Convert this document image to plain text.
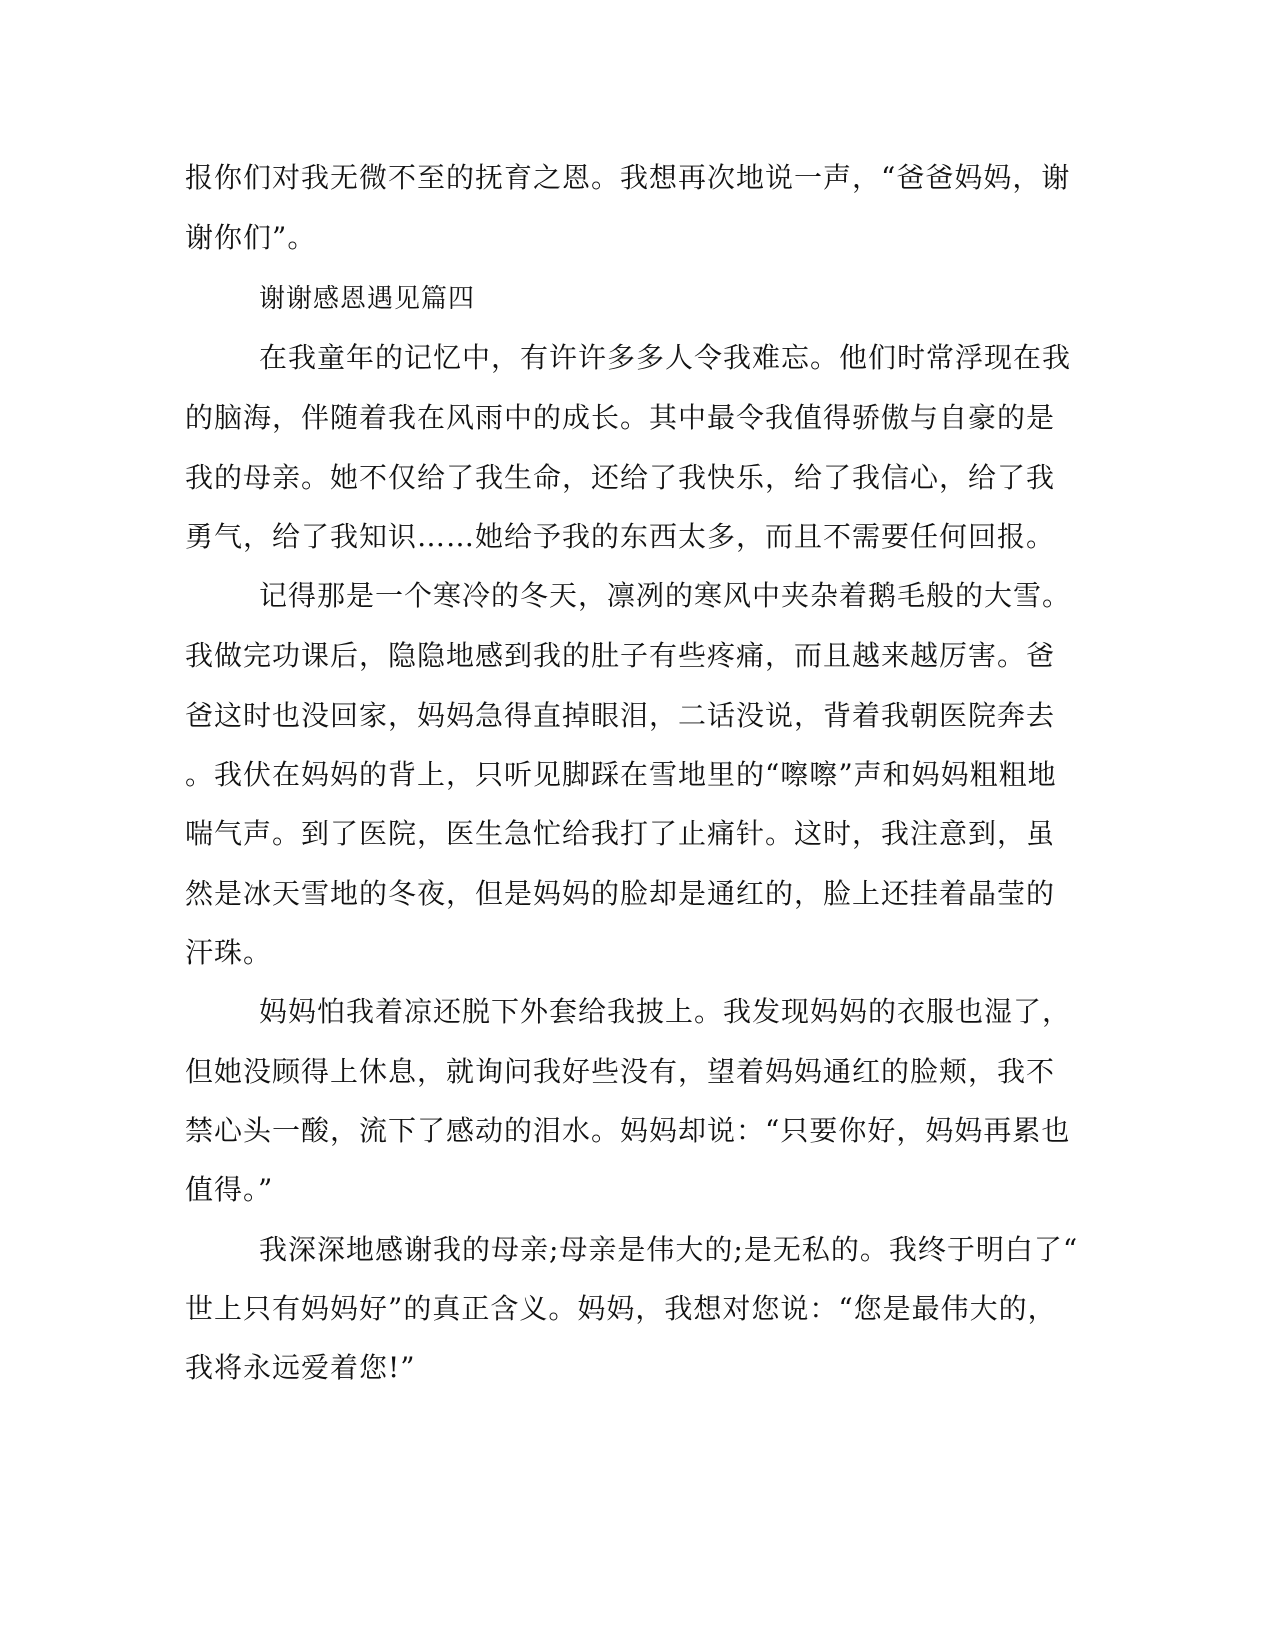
报你们对我无微不至的抚育之恩。我想再次地说一声，“爸爸妈妈，谢
谢你们”。
谢谢感恩遇见篇四
在我童年的记忆中，有许许多多人令我难忘。他们时常浮现在我
的脑海，伴随着我在风雨中的成长。其中最令我值得骄傲与自豪的是
我的母亲。她不仅给了我生命，还给了我快乐，给了我信心，给了我
勇气，给了我知识……她给予我的东西太多，而且不需要任何回报。
记得那是一个寒冷的冬天，凛冽的寒风中夹杂着鹅毛般的大雪。
我做完功课后，隐隐地感到我的肚子有些疼痛，而且越来越厉害。爸
爸这时也没回家，妈妈急得直掉眼泪，二话没说，背着我朝医院奔去
。我伏在妈妈的背上，只听见脚踩在雪地里的“嚓嚓”声和妈妈粗粗地
喘气声。到了医院，医生急忙给我打了止痛针。这时，我注意到，虽
然是冰天雪地的冬夜，但是妈妈的脸却是通红的，脸上还挂着晶莹的
汗珠。
妈妈怕我着凉还脱下外套给我披上。我发现妈妈的衣服也湿了，
但她没顾得上休息，就询问我好些没有，望着妈妈通红的脸颊，我不
禁心头一酸，流下了感动的泪水。妈妈却说：“只要你好，妈妈再累也
值得。”
我深深地感谢我的母亲;母亲是伟大的;是无私的。我终于明白了“
世上只有妈妈好”的真正含义。妈妈，我想对您说：“您是最伟大的，
我将永远爱着您!”
